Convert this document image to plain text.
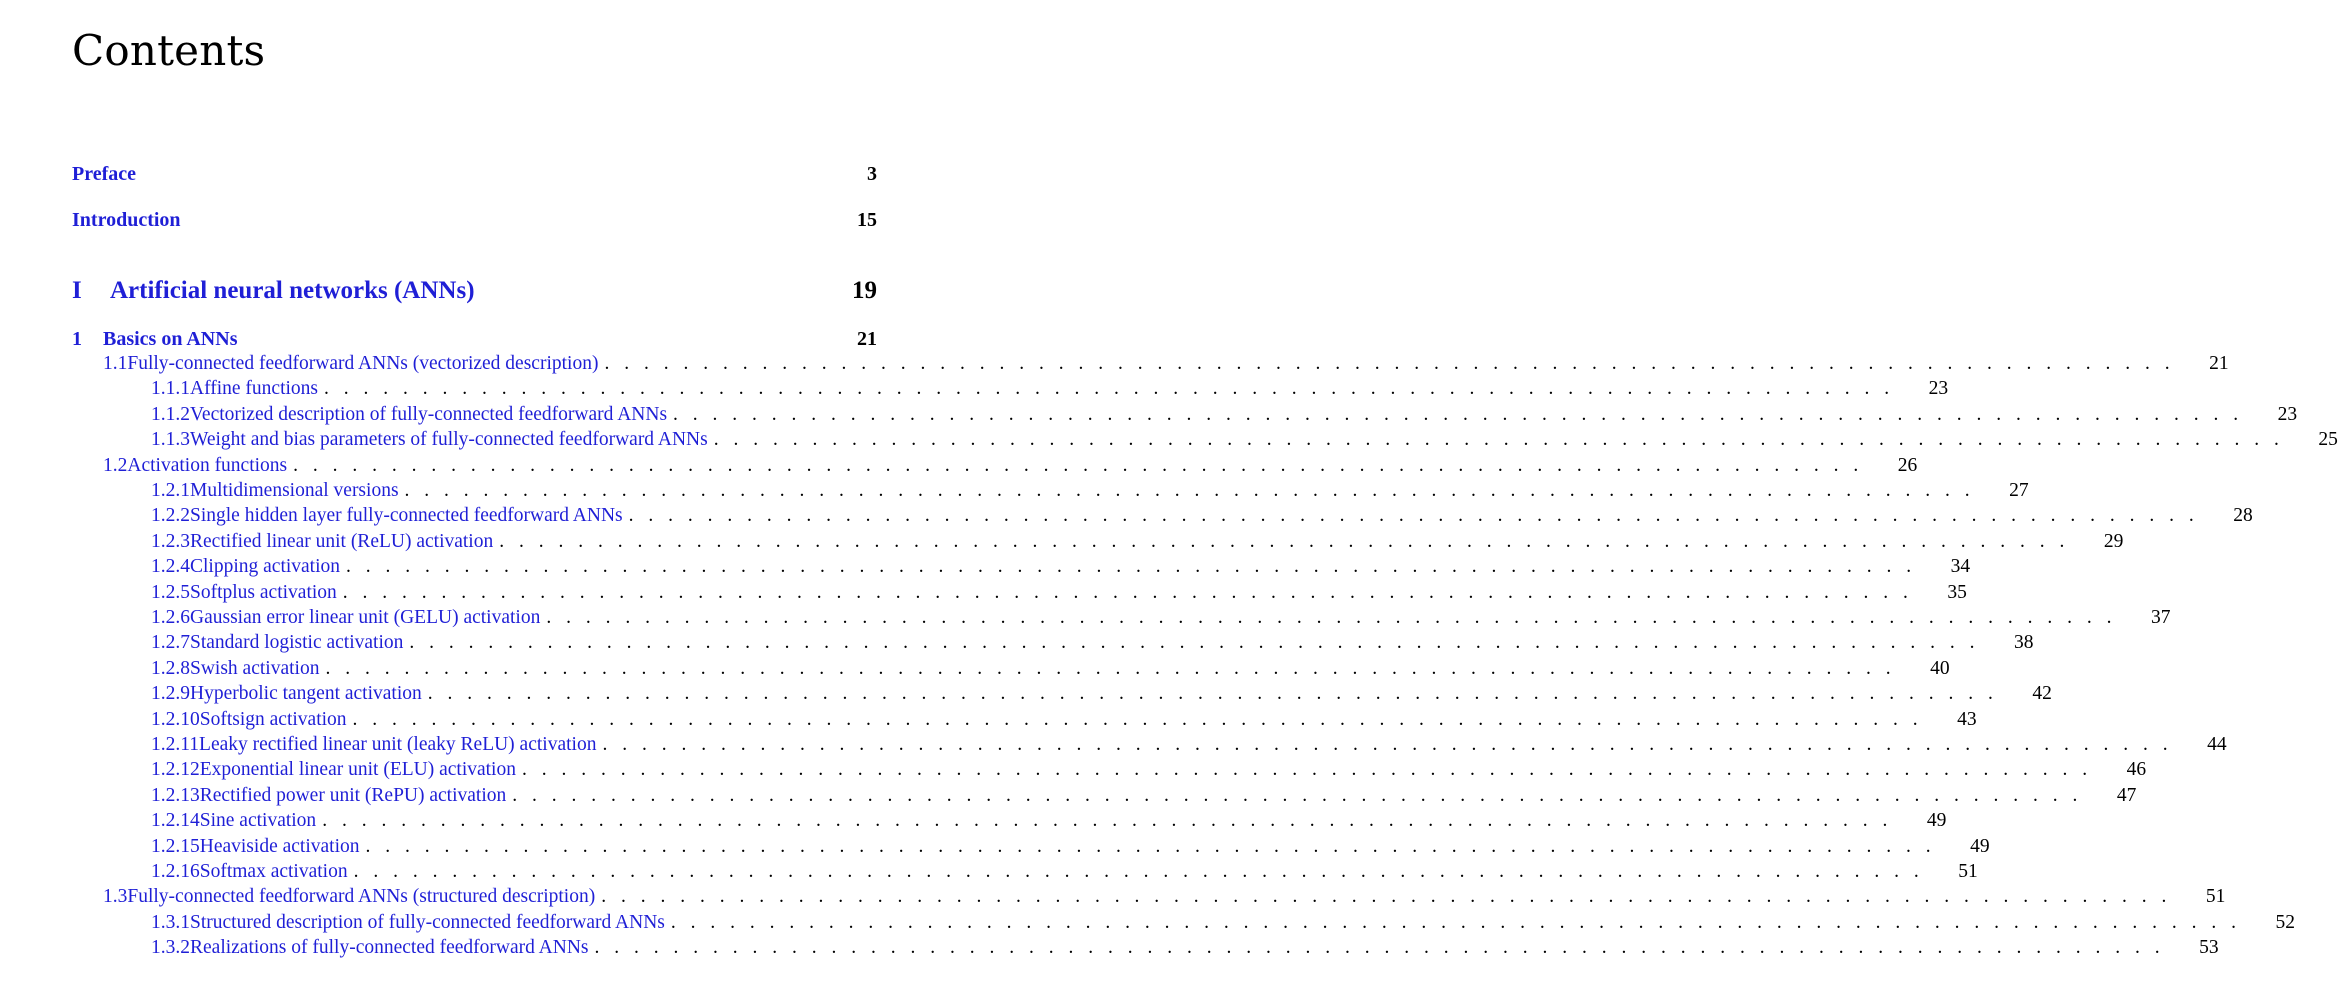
Contents
Preface	3
Introduction	15
I	Artificial neural networks (ANNs)	19
1	Basics on ANNs	21
1.1 Fully-connected feedforward ANNs (vectorized description) . . . . . . . . . . . . . . . . . . . . . . . . . . . . . . . . . . . . . . . . . . . . . . . . . . . . . . . . . . . . . . . . . . . . . . . . . . . . . . . .	21
1.1.1 Affine functions . . . . . . . . . . . . . . . . . . . . . . . . . . . . . . . . . . . . . . . . . . . . . . . . . . . . . . . . . . . . . . . . . . . . . . . . . . . . . . . .	23
1.1.2 Vectorized description of fully-connected feedforward ANNs . . . . . . . . . . . . . . . . . . . . . . . . . . . . . . . . . . . . . . . . . . . . . . . . . . . . . . . . . . . . . . . . . . . . . . . . . . . . . . . .	23
1.1.3 Weight and bias parameters of fully-connected feedforward ANNs . . . . . . . . . . . . . . . . . . . . . . . . . . . . . . . . . . . . . . . . . . . . . . . . . . . . . . . . . . . . . . . . . . . . . . . . . . . . . . . .	25
1.2 Activation functions . . . . . . . . . . . . . . . . . . . . . . . . . . . . . . . . . . . . . . . . . . . . . . . . . . . . . . . . . . . . . . . . . . . . . . . . . . . . . . . .	26
1.2.1 Multidimensional versions . . . . . . . . . . . . . . . . . . . . . . . . . . . . . . . . . . . . . . . . . . . . . . . . . . . . . . . . . . . . . . . . . . . . . . . . . . . . . . . .	27
1.2.2 Single hidden layer fully-connected feedforward ANNs . . . . . . . . . . . . . . . . . . . . . . . . . . . . . . . . . . . . . . . . . . . . . . . . . . . . . . . . . . . . . . . . . . . . . . . . . . . . . . . .	28
1.2.3 Rectified linear unit (ReLU) activation . . . . . . . . . . . . . . . . . . . . . . . . . . . . . . . . . . . . . . . . . . . . . . . . . . . . . . . . . . . . . . . . . . . . . . . . . . . . . . . .	29
1.2.4 Clipping activation . . . . . . . . . . . . . . . . . . . . . . . . . . . . . . . . . . . . . . . . . . . . . . . . . . . . . . . . . . . . . . . . . . . . . . . . . . . . . . . .	34
1.2.5 Softplus activation . . . . . . . . . . . . . . . . . . . . . . . . . . . . . . . . . . . . . . . . . . . . . . . . . . . . . . . . . . . . . . . . . . . . . . . . . . . . . . . .	35
1.2.6 Gaussian error linear unit (GELU) activation . . . . . . . . . . . . . . . . . . . . . . . . . . . . . . . . . . . . . . . . . . . . . . . . . . . . . . . . . . . . . . . . . . . . . . . . . . . . . . . .	37
1.2.7 Standard logistic activation . . . . . . . . . . . . . . . . . . . . . . . . . . . . . . . . . . . . . . . . . . . . . . . . . . . . . . . . . . . . . . . . . . . . . . . . . . . . . . . .	38
1.2.8 Swish activation . . . . . . . . . . . . . . . . . . . . . . . . . . . . . . . . . . . . . . . . . . . . . . . . . . . . . . . . . . . . . . . . . . . . . . . . . . . . . . . .	40
1.2.9 Hyperbolic tangent activation . . . . . . . . . . . . . . . . . . . . . . . . . . . . . . . . . . . . . . . . . . . . . . . . . . . . . . . . . . . . . . . . . . . . . . . . . . . . . . . .	42
1.2.10 Softsign activation . . . . . . . . . . . . . . . . . . . . . . . . . . . . . . . . . . . . . . . . . . . . . . . . . . . . . . . . . . . . . . . . . . . . . . . . . . . . . . . .	43
1.2.11 Leaky rectified linear unit (leaky ReLU) activation . . . . . . . . . . . . . . . . . . . . . . . . . . . . . . . . . . . . . . . . . . . . . . . . . . . . . . . . . . . . . . . . . . . . . . . . . . . . . . . .	44
1.2.12 Exponential linear unit (ELU) activation . . . . . . . . . . . . . . . . . . . . . . . . . . . . . . . . . . . . . . . . . . . . . . . . . . . . . . . . . . . . . . . . . . . . . . . . . . . . . . . .	46
1.2.13 Rectified power unit (RePU) activation . . . . . . . . . . . . . . . . . . . . . . . . . . . . . . . . . . . . . . . . . . . . . . . . . . . . . . . . . . . . . . . . . . . . . . . . . . . . . . . .	47
1.2.14 Sine activation . . . . . . . . . . . . . . . . . . . . . . . . . . . . . . . . . . . . . . . . . . . . . . . . . . . . . . . . . . . . . . . . . . . . . . . . . . . . . . . .	49
1.2.15 Heaviside activation . . . . . . . . . . . . . . . . . . . . . . . . . . . . . . . . . . . . . . . . . . . . . . . . . . . . . . . . . . . . . . . . . . . . . . . . . . . . . . . .	49
1.2.16 Softmax activation . . . . . . . . . . . . . . . . . . . . . . . . . . . . . . . . . . . . . . . . . . . . . . . . . . . . . . . . . . . . . . . . . . . . . . . . . . . . . . . .	51
1.3 Fully-connected feedforward ANNs (structured description) . . . . . . . . . . . . . . . . . . . . . . . . . . . . . . . . . . . . . . . . . . . . . . . . . . . . . . . . . . . . . . . . . . . . . . . . . . . . . . . .	51
1.3.1 Structured description of fully-connected feedforward ANNs . . . . . . . . . . . . . . . . . . . . . . . . . . . . . . . . . . . . . . . . . . . . . . . . . . . . . . . . . . . . . . . . . . . . . . . . . . . . . . . .	52
1.3.2 Realizations of fully-connected feedforward ANNs . . . . . . . . . . . . . . . . . . . . . . . . . . . . . . . . . . . . . . . . . . . . . . . . . . . . . . . . . . . . . . . . . . . . . . . . . . . . . . . .	53
